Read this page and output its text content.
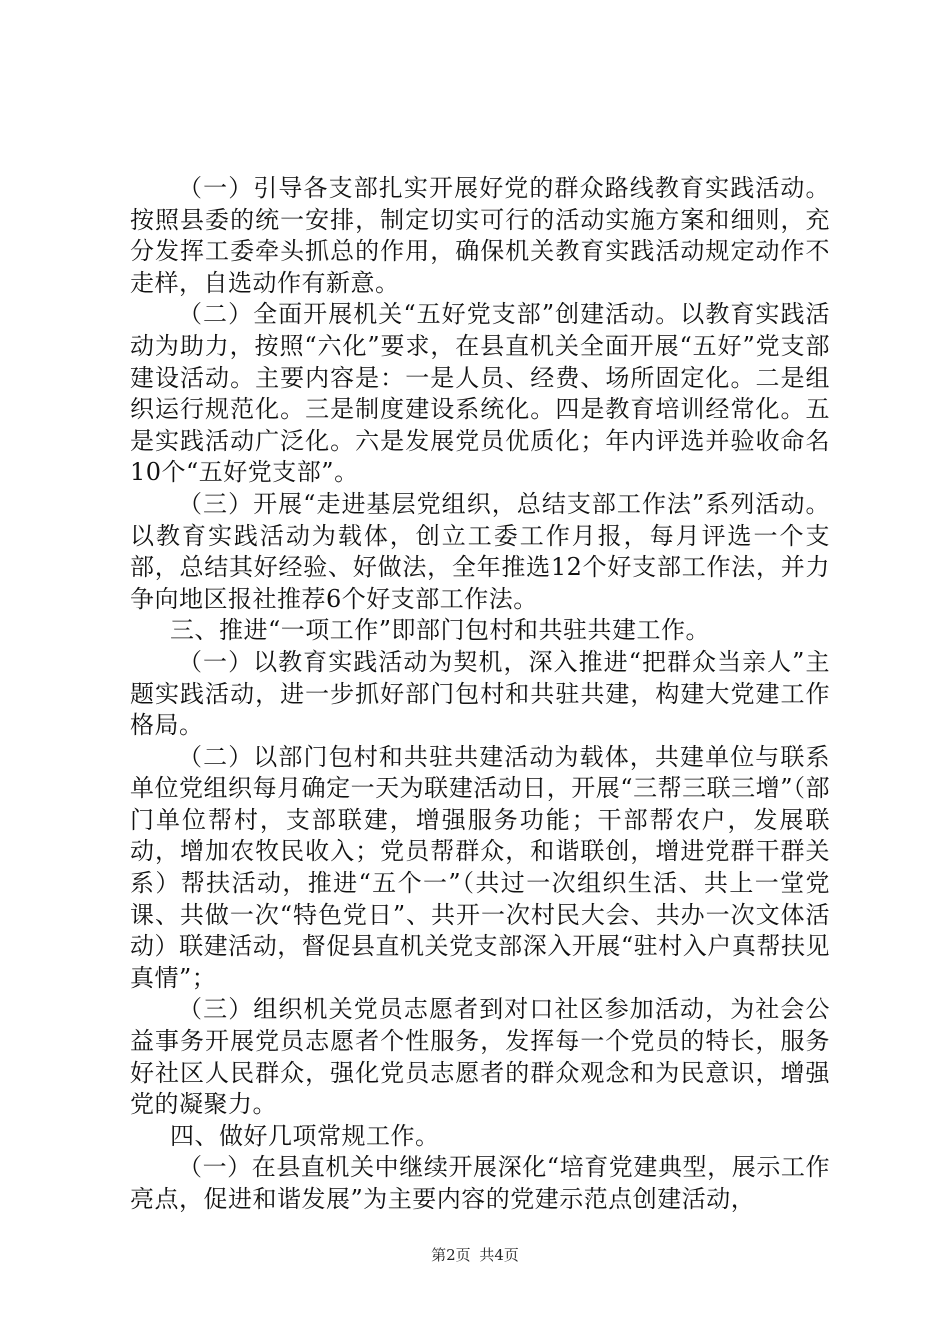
（一）引导各支部扎实开展好党的群众路线教育实践活动。按照县委的统一安排，制定切实可行的活动实施方案和细则，充分发挥工委牵头抓总的作用，确保机关教育实践活动规定动作不走样，自选动作有新意。

（二）全面开展机关“五好党支部”创建活动。以教育实践活动为助力，按照“六化”要求，在县直机关全面开展“五好”党支部建设活动。主要内容是：一是人员、经费、场所固定化。二是组织运行规范化。三是制度建设系统化。四是教育培训经常化。五是实践活动广泛化。六是发展党员优质化；年内评选并验收命名10个“五好党支部”。

（三）开展“走进基层党组织，总结支部工作法”系列活动。以教育实践活动为载体，创立工委工作月报，每月评选一个支部，总结其好经验、好做法，全年推选12个好支部工作法，并力争向地区报社推荐6个好支部工作法。

三、推进“一项工作”即部门包村和共驻共建工作。

（一）以教育实践活动为契机，深入推进“把群众当亲人”主题实践活动，进一步抓好部门包村和共驻共建，构建大党建工作格局。

（二）以部门包村和共驻共建活动为载体，共建单位与联系单位党组织每月确定一天为联建活动日，开展“三帮三联三增”（部门单位帮村，支部联建，增强服务功能；干部帮农户，发展联动，增加农牧民收入；党员帮群众，和谐联创，增进党群干群关系）帮扶活动，推进“五个一”（共过一次组织生活、共上一堂党课、共做一次“特色党日”、共开一次村民大会、共办一次文体活动）联建活动，督促县直机关党支部深入开展“驻村入户真帮扶见真情”；

（三）组织机关党员志愿者到对口社区参加活动，为社会公益事务开展党员志愿者个性服务，发挥每一个党员的特长，服务好社区人民群众，强化党员志愿者的群众观念和为民意识，增强党的凝聚力。

四、做好几项常规工作。

（一）在县直机关中继续开展深化“培育党建典型，展示工作亮点，促进和谐发展”为主要内容的党建示范点创建活动，

第2页 共4页
